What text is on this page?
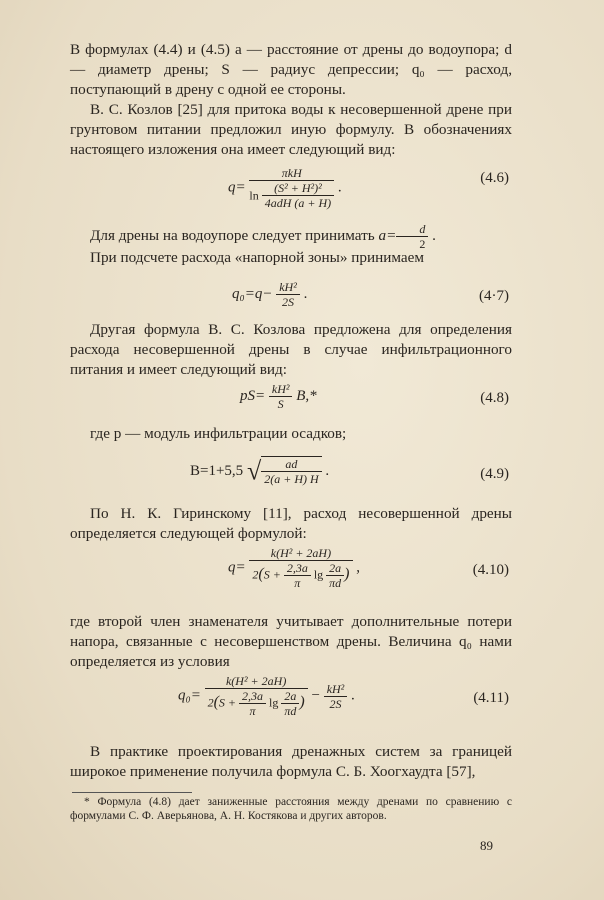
В формулах (4.4) и (4.5) a — расстояние от дрены до водоупора; d — диаметр дрены; S — радиус депрессии; q₀ — расход, поступающий в дрену с одной ее стороны.
В. С. Козлов [25] для притока воды к несовершенной дрене при грунтовом питании предложил иную формулу. В обозначениях настоящего изложения она имеет следующий вид:
q=
πkH
$\ln \frac{\text{(S² + H²)²}}{\text{4adH (a + H)}}$ .
(4.6)
Для дрены на водоупоре следует принимать $a= \frac{d}{2}$ .
При подсчете расхода «напорной зоны» принимаем
$q_0=q- \frac{\text{kH²}}{2S}$ .	(4·7)
Другая формула В. С. Козлова предложена для определения расхода несовершенной дрены в случае инфильтрационного питания и имеет следующий вид:
$pS= \frac{\text{kH²}}{S} B,*$	(4.8)
где p — модуль инфильтрации осадков;
B=1+5,5 √ $\frac{ad}{2(a + H) H}$ .	(4.9)
По Н. К. Гиринскому [11], расход несовершенной дрены определяется следующей формулой:
$q= \frac{\text{k(H² + 2aH)}}{2(S + \frac{2,3a}{\pi} \lg \frac{2a}{\pi d} )}$ ,	(4.10)
где второй член знаменателя учитывает дополнительные потери напора, связанные с несовершенством дрены. Величина q₀ нами определяется из условия
$q_0= \frac{\text{k(H² + 2aH)}}{2(S + \frac{2,3a}{\pi} \lg \frac{2a}{\pi d} )} - \frac{\text{kH²}}{2S}$ .	(4.11)
В практике проектирования дренажных систем за границей широкое применение получила формула С. Б. Хоогхаудта [57],
* Формула (4.8) дает заниженные расстояния между дренами по сравнению с формулами С. Ф. Аверьянова, А. Н. Костякова и других авторов.
89
